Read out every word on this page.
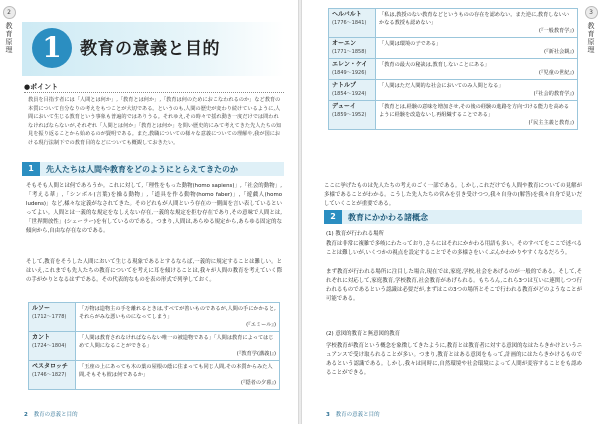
2
教育原理	1	教育の意義と目的
●ポイント
教員を目指す者には「人間とは何か」,「教育とは何か」,「教育は何のためにおこなわれるのか」など教育の本質について自分なりの考えをもつことが大切である。というのも,人間の歴史が変わり続けているように,人間において生じる教育という事象も普遍的ではありうる。それゆえ,その時々で揺れ動き一度だけでは問われなければならないが,それぞれ「人間とは何か」「教育とは何か」を問い歴史的にみて考えてきた先人たちの知見を振り返ることから始めるのが賢明である。また,教職についての様々な意義についての理解や,我が国における現行法制下での教育目的などについても概観しておきたい。
1	先人たちは人間や教育をどのようにとらえてきたのか
そもそも人間とは何であろうか。これに対して,「理性をもった動物(homo sapiens)」,「社会的動物」,「考える葦」,「シンボル(言葉)を操る動物」,「道具を作る動物(homo faber)」,「遊戯人(homo ludens)」など,様々な定義がなされてきた。そのどれもが人間という存在の一側面を言い表しているといってよい。人間とは一義的な規定をなしえない存在,一義的な規定を拒む存在であり,その意味で人間とは,「世界開放性」(シェーラー)を有しているのである。つまり,人間は,あらゆる規定から,あらゆる固定的な傾向から,自由な存在なのである。
そして,教育をそうした人間において生じる現象であるとするならば,一義的に規定することは難しい。とはいえ,これまでも先人たちの教育についてを考えに耳を傾けることは,我々が人間の教育を考えていく際の手がかりとなるはずである。その代表的なものを表の形式で列挙しておく。
ルソー
(1712〜1778)	「万物は造物主の手を離れるときは,すべてが善いものであるが,人間の手にかかると,それらがみな悪いものになってしまう」
(『エミール』)

カント
(1724〜1804)	「人間は教育されなければならない唯一の被造物である」「人間は教育によってはじめて人間になることができる」
(『教育学(講義)』)

ペスタロッチ
(1746〜1827)	「玉座の上にあっても木の葉の屋根の蔭に住まっても同じ人間,その本質からみた人間,そもそも彼は何であるか」
(『隠者の夕暮』)
2 教育の意義と目的
3
教育原理
ヘルバルト
(1776〜1841)	「私は,教授のない教育などというものの存在を認めない。また逆に,教育しないいかなる教授も認めない」
(『一般教育学』)

オーエン
(1771〜1858)	「人間は環境の子である」
(『新社会観』)

エレン・ケイ
(1849〜1926)	「教育の最大の秘訣は,教育しないことにある」
(『児童の世紀』)

ナトルプ
(1854〜1924)	「人間はただ人間的な社会においてのみ人間となる」
(『社会的教育学』)

デューイ
(1859〜1952)	「教育とは,経験の意味を増加させ,その後の経験の進路を方向づける能力を高めるように経験を改造ないし再組織することである」
(『民主主義と教育』)
ここに挙げたものは先人たちの考えのごく一部である。しかし,これだけでも人間や教育についての見解が多様であることがわかる。こうした先人たちの営みを引き受けつつ,我々自身の(解答)を我々自身で見いだしていくことが重要である。
2	教育にかかわる諸概念
(1) 教育が行われる場所
教育は非常に複雑で多岐にわたっており,さらにはそれにかかわる用語も多い。そのすべてをここで述べることは難しいが,いくつかの視点を設定することでその多様さをいくぶんかわかりやすくなるだろう。
まず教育が行われる場所に注目した場合,現在では,家庭,学校,社会をあげるのが一般的である。そして,それぞれに対応して,家庭教育,学校教育,社会教育があげられる。もちろん,これら3つは互いに連関しつつ行われるものであるという認識は必要だが,まずはこの3つの場所とそこで行われる教育がどのようなことが可能である。
(2) 意図的教育と無意図的教育
学校教育が教育という概念を象徴してきたように,教育とは教育者に対する意図的なはたらきかけというニュアンスで受け取られることが多い。つまり,教育とはある意図をもって,計画的にはたらきかけるものであるという認識である。しかし,我々は同時に,自然環境や社会環境によって人間が変容することをも認めることができる。
3 教育の意義と目的
